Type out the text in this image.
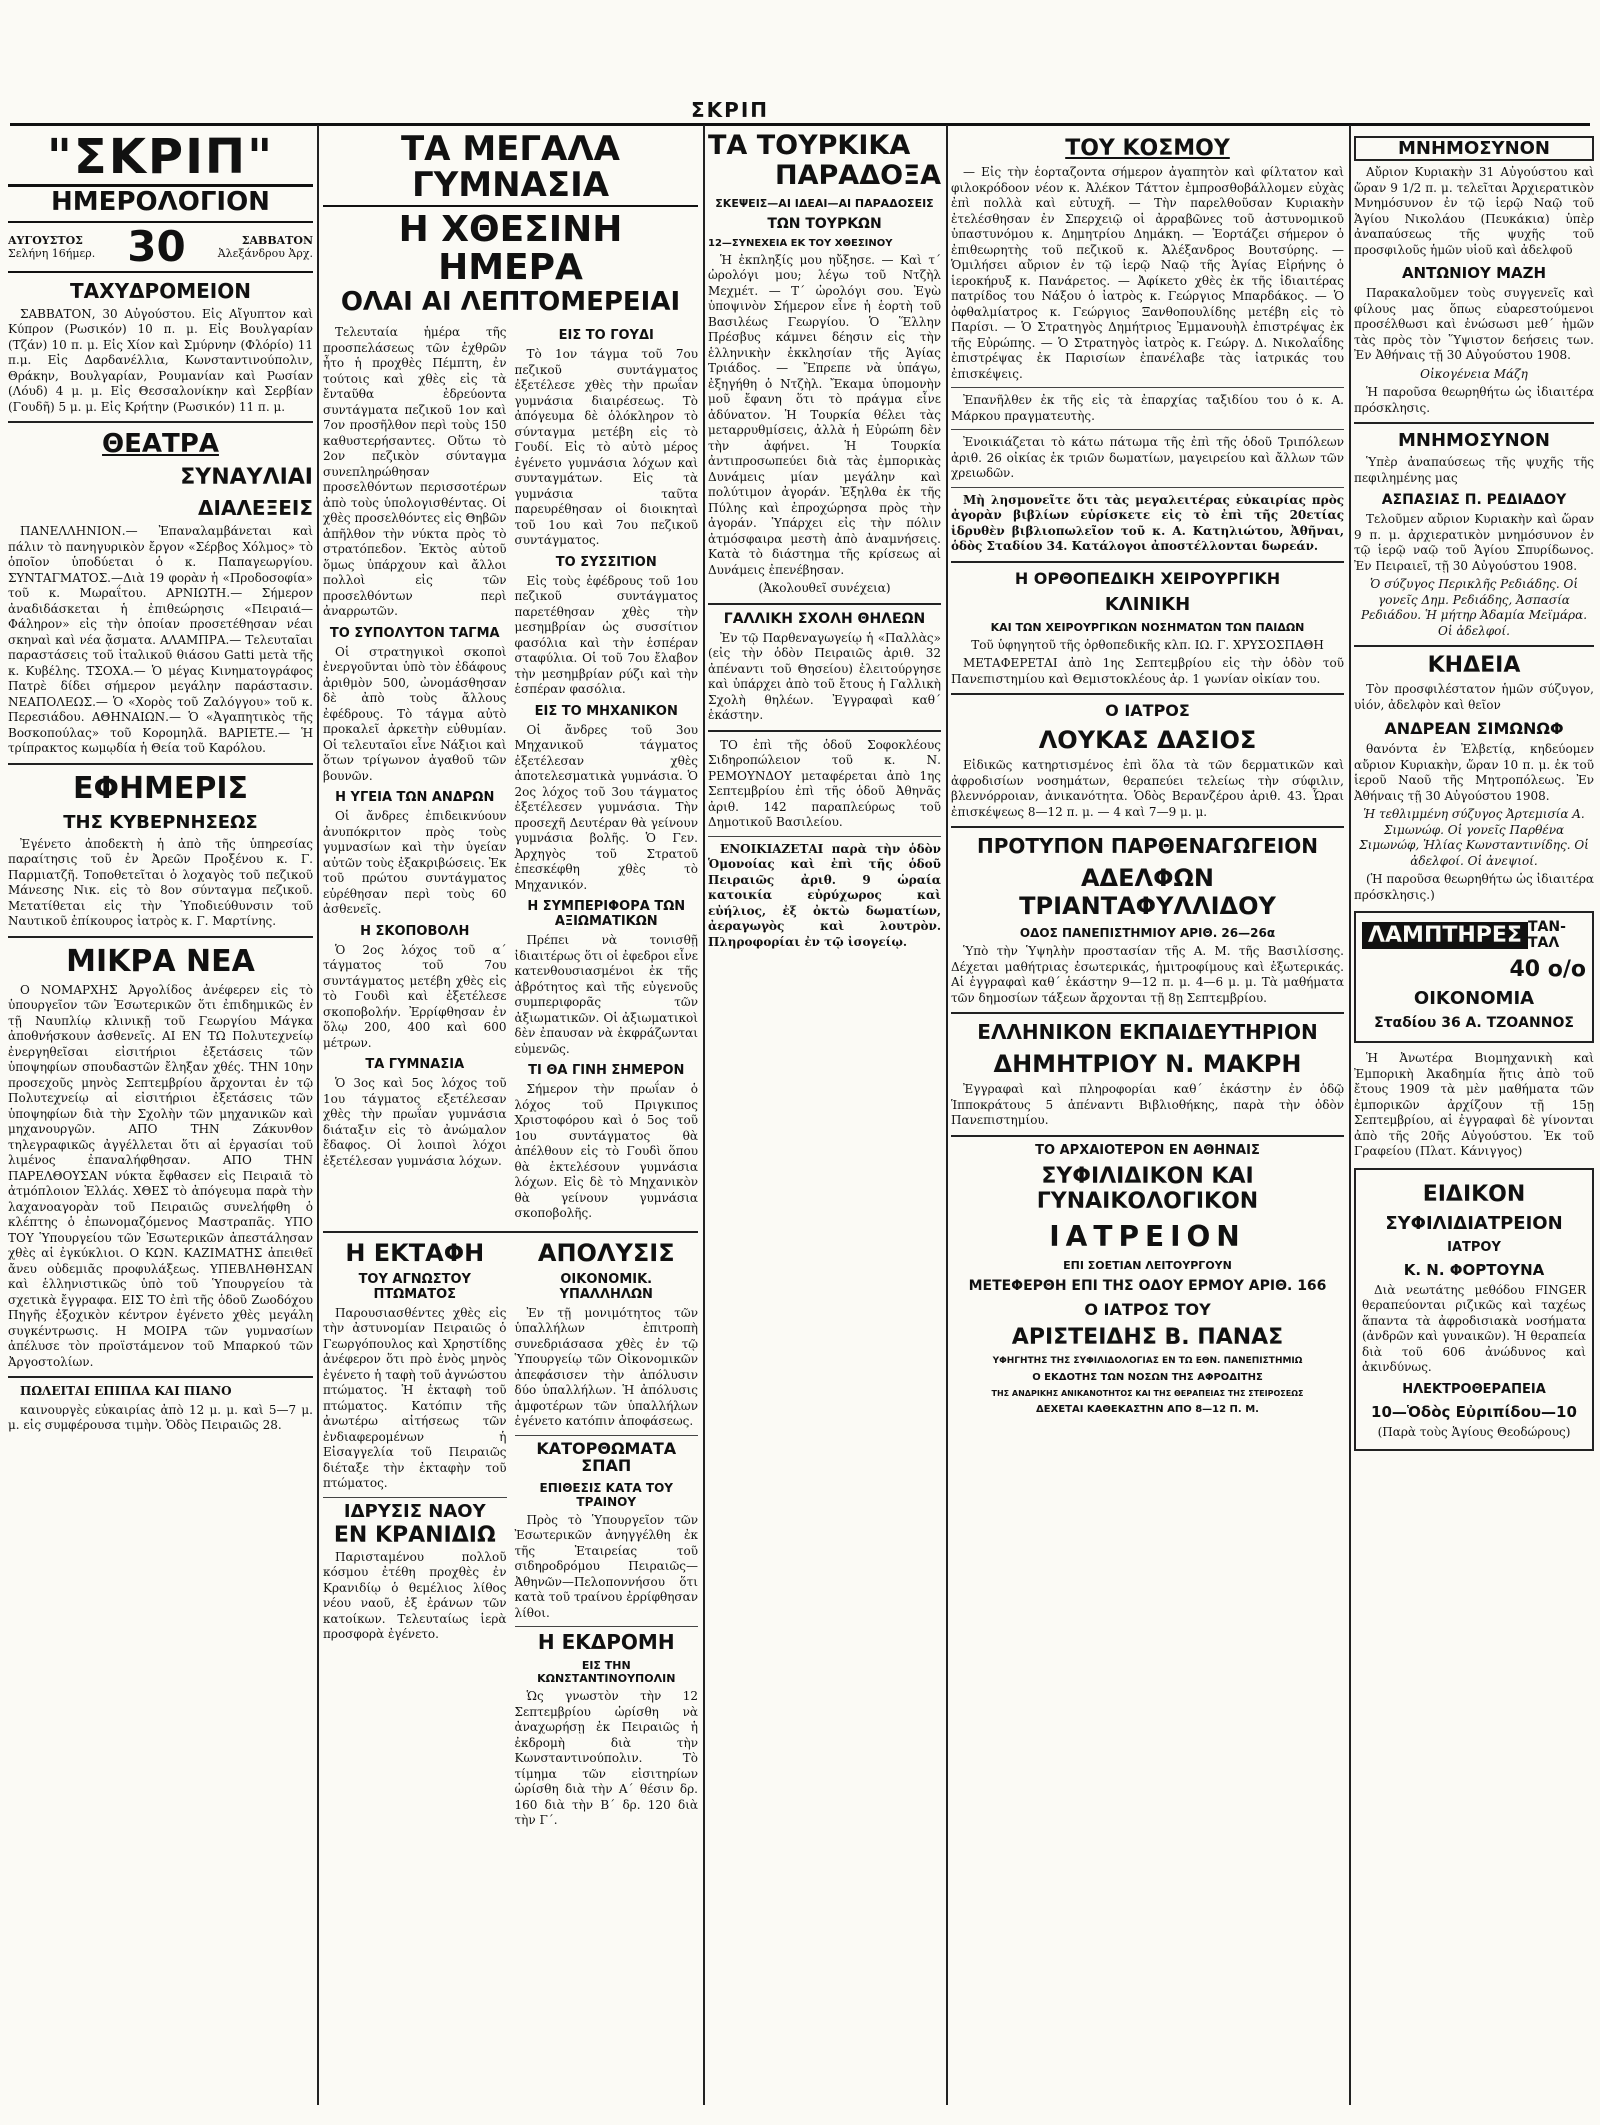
ΣΚΡΙΠ
"ΣΚΡΙΠ"
ΗΜΕΡΟΛΟΓΙΟΝ
ΑΥΓΟΥΣΤΟΣ
Σελήνη 16ήμερ. 30	ΣΑΒΒΑΤΟΝ
Ἀλεξάνδρου Ἀρχ.
ΤΑΧΥΔΡΟΜΕΙΟΝ

ΣΑΒΒΑΤΟΝ, 30 Αὐγούστου. Εἰς Αἴγυπτον καὶ Κύπρον (Ρωσικόν) 10 π. μ. Εἰς Βουλγαρίαν (Τζάν) 10 π. μ. Εἰς Χίον καὶ Σμύρνην (Φλόρίο) 11 π.μ. Εἰς Δαρδανέλλια, Κωνσταντινούπολιν, Θράκην, Βουλγαρίαν, Ρουμανίαν καὶ Ρωσίαν (Λόυδ) 4 μ. μ. Εἰς Θεσσαλονίκην καὶ Σερβίαν (Γουδῆ) 5 μ. μ. Εἰς Κρήτην (Ρωσικόν) 11 π. μ.

ΘΕΑΤΡΑ
ΣΥΝΑΥΛΙΑΙ
ΔΙΑΛΕΞΕΙΣ

ΠΑΝΕΛΛΗΝΙΟΝ.— Ἐπαναλαμβάνεται καὶ πάλιν τὸ πανηγυρικὸν ἔργον «Σέρβος Χόλμος» τὸ ὁποῖον ὑποδύεται ὁ κ. Παπαγεωργίου. ΣΥΝΤΑΓΜΑΤΟΣ.—Διὰ 19 φορὰν ἡ «Προδοσοφία» τοῦ κ. Μωραΐτου. ΑΡΝΙΩΤΗ.— Σήμερον ἀναδιδάσκεται ἡ ἐπιθεώρησις «Πειραιά—Φάληρον» εἰς τὴν ὁποίαν προσετέθησαν νέαι σκηναὶ καὶ νέα ᾄσματα. ΑΛΑΜΠΡΑ.— Τελευταῖαι παραστάσεις τοῦ ἰταλικοῦ θιάσου Gatti μετὰ τῆς κ. Κυβέλης. ΤΣΟΧΑ.— Ὁ μέγας Κινηματογράφος Πατρὲ δίδει σήμερον μεγάλην παράστασιν. ΝΕΑΠΟΛΕΩΣ.— Ὁ «Χορὸς τοῦ Ζαλόγγου» τοῦ κ. Περεσιάδου. ΑΘΗΝΑΙΩΝ.— Ὁ «Ἀγαπητικὸς τῆς Βοσκοπούλας» τοῦ Κορομηλᾶ. ΒΑΡΙΕΤΕ.— Ἡ τρίπρακτος κωμῳδία ἡ Θεία τοῦ Καρόλου.

ΕΦΗΜΕΡΙΣ
ΤΗΣ ΚΥΒΕΡΝΗΣΕΩΣ

Ἐγένετο ἀποδεκτὴ ἡ ἀπὸ τῆς ὑπηρεσίας παραίτησις τοῦ ἐν Ἀρεῶν Προξένου κ. Γ. Παρμιατζῆ. Τοποθετεῖται ὁ λοχαγὸς τοῦ πεζικοῦ Μάνεσης Νικ. εἰς τὸ 8ον σύνταγμα πεζικοῦ. Μετατίθεται εἰς τὴν Ὑποδιεύθυνσιν τοῦ Ναυτικοῦ ἐπίκουρος ἰατρὸς κ. Γ. Μαρτίνης.

ΜΙΚΡΑ ΝΕΑ

Ο ΝΟΜΑΡΧΗΣ Ἀργολίδος ἀνέφερεν εἰς τὸ ὑπουργεῖον τῶν Ἐσωτερικῶν ὅτι ἐπιδημικῶς ἐν τῇ Ναυπλίῳ κλινικῇ τοῦ Γεωργίου Μάγκα ἀποθνήσκουν ἀσθενεῖς. ΑΙ ΕΝ ΤΩ Πολυτεχνείῳ ἐνεργηθεῖσαι εἰσιτήριοι ἐξετάσεις τῶν ὑποψηφίων σπουδαστῶν ἔληξαν χθές. ΤΗΝ 10ην προσεχοῦς μηνὸς Σεπτεμβρίου ἄρχονται ἐν τῷ Πολυτεχνείῳ αἱ εἰσιτήριοι ἐξετάσεις τῶν ὑποψηφίων διὰ τὴν Σχολὴν τῶν μηχανικῶν καὶ μηχανουργῶν. ΑΠΟ ΤΗΝ Ζάκυνθον τηλεγραφικῶς ἀγγέλλεται ὅτι αἱ ἐργασίαι τοῦ λιμένος ἐπαναλήφθησαν. ΑΠΟ ΤΗΝ ΠΑΡΕΛΘΟΥΣΑΝ νύκτα ἔφθασεν εἰς Πειραιᾶ τὸ ἀτμόπλοιον Ἑλλάς. ΧΘΕΣ τὸ ἀπόγευμα παρὰ τὴν λαχανοαγορὰν τοῦ Πειραιῶς συνελήφθη ὁ κλέπτης ὁ ἐπωνομαζόμενος Μαστραπᾶς. ΥΠΟ ΤΟΥ Ὑπουργείου τῶν Ἐσωτερικῶν ἀπεστάλησαν χθὲς αἱ ἐγκύκλιοι. Ο ΚΩΝ. ΚΑΖΙΜΑΤΗΣ ἀπειθεῖ ἄνευ οὐδεμιᾶς προφυλάξεως. ΥΠΕΒΛΗΘΗΣΑΝ καὶ ἑλληνιστικῶς ὑπὸ τοῦ Ὑπουργείου τὰ σχετικὰ ἔγγραφα. ΕΙΣ ΤΟ ἐπὶ τῆς ὁδοῦ Ζωοδόχου Πηγῆς ἐξοχικὸν κέντρον ἐγένετο χθὲς μεγάλη συγκέντρωσις. Η ΜΟΙΡΑ τῶν γυμνασίων ἀπέλυσε τὸν προϊστάμενον τοῦ Μπαρκού τῶν Ἀργοστολίων.

ΠΩΛΕΙΤΑΙ ΕΠΙΠΛΑ ΚΑΙ ΠΙΑΝΟ

καινουργὲς εὐκαιρίας ἀπὸ 12 μ. μ. καὶ 5—7 μ. μ. εἰς συμφέρουσα τιμὴν. Ὁδὸς Πειραιῶς 28.

ΤΑ ΜΕΓΑΛΑ ΓΥΜΝΑΣΙΑ
Η ΧΘΕΣΙΝΗ ΗΜΕΡΑ
ΟΛΑΙ ΑΙ ΛΕΠΤΟΜΕΡΕΙΑΙ

Τελευταία ἡμέρα τῆς προσπελάσεως τῶν ἐχθρῶν ἦτο ἡ προχθὲς Πέμπτη, ἐν τούτοις καὶ χθὲς εἰς τὰ ἔνταῦθα ἐδρεύοντα συντάγματα πεζικοῦ 1ον καὶ 7ον προσῆλθον περὶ τοὺς 150 καθυστερήσαντες. Οὕτω τὸ 2ον πεζικὸν σύνταγμα συνεπληρώθησαν προσελθόντων περισσοτέρων ἀπὸ τοὺς ὑπολογισθέντας. Οἱ χθὲς προσελθόντες εἰς Θηβῶν ἀπῆλθον τὴν νύκτα πρὸς τὸ στρατόπεδον. Ἐκτὸς αὐτοῦ ὅμως ὑπάρχουν καὶ ἄλλοι πολλοὶ εἰς τῶν προσελθόντων περὶ ἀναρρωτῶν.

ΤΟ ΣΥΠΟΛΥΤΟΝ ΤΑΓΜΑ

Οἱ στρατηγικοὶ σκοποὶ ἐνεργοῦνται ὑπὸ τὸν ἐδάφους ἀριθμὸν 500, ὠνομάσθησαν δὲ ἀπὸ τοὺς ἄλλους ἐφέδρους. Τὸ τάγμα αὐτὸ προκαλεῖ ἀρκετὴν εὐθυμίαν. Οἱ τελευταῖοι εἶνε Νάξιοι καὶ ὅτων τρίγωνον ἀγαθοῦ τῶν βουνῶν.

Η ΥΓΕΙΑ ΤΩΝ ΑΝΔΡΩΝ

Οἱ ἄνδρες ἐπιδεικνύουν ἀνυπόκριτον πρὸς τοὺς γυμνασίων καὶ τὴν ὑγείαν αὐτῶν τοὺς ἐξακριβώσεις. Ἐκ τοῦ πρώτου συντάγματος εὑρέθησαν περὶ τοὺς 60 ἀσθενεῖς.

Η ΣΚΟΠΟΒΟΛΗ

Ὁ 2ος λόχος τοῦ α΄ τάγματος τοῦ 7ου συντάγματος μετέβη χθὲς εἰς τὸ Γουδὶ καὶ ἐξετέλεσε σκοποβολήν. Ἐρρίφθησαν ἐν ὅλῳ 200, 400 καὶ 600 μέτρων.

ΤΑ ΓΥΜΝΑΣΙΑ

Ὁ 3ος καὶ 5ος λόχος τοῦ 1ου τάγματος εξετέλεσαν χθὲς τὴν πρωΐαν γυμνάσια διάταξιν εἰς τὸ ἀνώμαλον ἔδαφος. Οἱ λοιποὶ λόχοι ἐξετέλεσαν γυμνάσια λόχων.

ΕΙΣ ΤΟ ΓΟΥΔΙ

Τὸ 1ον τάγμα τοῦ 7ου πεζικοῦ συντάγματος ἐξετέλεσε χθὲς τὴν πρωΐαν γυμνάσια διαιρέσεως. Τὸ ἀπόγευμα δὲ ὁλόκληρον τὸ σύνταγμα μετέβη εἰς τὸ Γουδί. Εἰς τὸ αὐτὸ μέρος ἐγένετο γυμνάσια λόχων καὶ συνταγμάτων. Εἰς τὰ γυμνάσια ταῦτα παρευρέθησαν οἱ διοικηταὶ τοῦ 1ου καὶ 7ου πεζικοῦ συντάγματος.

ΤΟ ΣΥΣΣΙΤΙΟΝ

Εἰς τοὺς ἐφέδρους τοῦ 1ου πεζικοῦ συντάγματος παρετέθησαν χθὲς τὴν μεσημβρίαν ὡς συσσίτιον φασόλια καὶ τὴν ἑσπέραν σταφύλια. Οἱ τοῦ 7ου ἔλαβον τὴν μεσημβρίαν ρύζι καὶ τὴν ἑσπέραν φασόλια.

ΕΙΣ ΤΟ ΜΗΧΑΝΙΚΟΝ

Οἱ ἄνδρες τοῦ 3ου Μηχανικοῦ τάγματος ἐξετέλεσαν χθὲς ἀποτελεσματικὰ γυμνάσια. Ὁ 2ος λόχος τοῦ 3ου τάγματος ἐξετέλεσεν γυμνάσια. Τὴν προσεχῆ Δευτέραν θὰ γείνουν γυμνάσια βολῆς. Ὁ Γεν. Ἀρχηγὸς τοῦ Στρατοῦ ἐπεσκέφθη χθὲς τὸ Μηχανικόν.

Η ΣΥΜΠΕΡΙΦΟΡΑ ΤΩΝ ΑΞΙΩΜΑΤΙΚΩΝ

Πρέπει νὰ τονισθῇ ἰδιαιτέρως ὅτι οἱ ἐφεδροι εἶνε κατενθουσιασμένοι ἐκ τῆς ἀβρότητος καὶ τῆς εὐγενοῦς συμπεριφορᾶς τῶν ἀξιωματικῶν. Οἱ ἀξιωματικοὶ δὲν ἐπαυσαν νὰ ἐκφράζωνται εὐμενῶς.

ΤΙ ΘΑ ΓΙΝΗ ΣΗΜΕΡΟΝ

Σήμερον τὴν πρωΐαν ὁ λόχος τοῦ Πριγκιπος Χριστοφόρου καὶ ὁ 5ος τοῦ 1ου συντάγματος θὰ ἀπέλθουν εἰς τὸ Γουδὶ ὅπου θὰ ἐκτελέσουν γυμνάσια λόχων. Εἰς δὲ τὸ Μηχανικὸν θὰ γείνουν γυμνάσια σκοποβολῆς.

Η ΕΚΤΑΦΗ
ΤΟΥ ΑΓΝΩΣΤΟΥ ΠΤΩΜΑΤΟΣ

Παρουσιασθέντες χθὲς εἰς τὴν ἀστυνομίαν Πειραιῶς ὁ Γεωργόπουλος καὶ Χρηστίδης ἀνέφερον ὅτι πρὸ ἑνὸς μηνὸς ἐγένετο ἡ ταφὴ τοῦ ἀγνώστου πτώματος. Ἡ ἐκταφὴ τοῦ πτώματος. Κατόπιν τῆς ἀνωτέρω αἰτήσεως τῶν ἐνδιαφερομένων ἡ Εἰσαγγελία τοῦ Πειραιῶς διέταξε τὴν ἐκταφὴν τοῦ πτώματος.

ΙΔΡΥΣΙΣ ΝΑΟΥ
ΕΝ ΚΡΑΝΙΔΙΩ

Παρισταμένου πολλοῦ κόσμου ἐτέθη προχθὲς ἐν Κρανιδίῳ ὁ θεμέλιος λίθος νέου ναοῦ, ἐξ ἐράνων τῶν κατοίκων. Τελευταίως ἱερὰ προσφορὰ ἐγένετο.

ΑΠΟΛΥΣΙΣ
ΟΙΚΟΝΟΜΙΚ. ΥΠΑΛΛΗΛΩΝ

Ἐν τῇ μονιμότητος τῶν ὑπαλλήλων ἐπιτροπὴ συνεδριάσασα χθὲς ἐν τῷ Ὑπουργείῳ τῶν Οἰκονομικῶν ἀπεφάσισεν τὴν ἀπόλυσιν δύο ὑπαλλήλων. Ἡ ἀπόλυσις ἀμφοτέρων τῶν ὑπαλλήλων ἐγένετο κατόπιν ἀποφάσεως.

ΚΑΤΟΡΘΩΜΑΤΑ ΣΠΑΠ
ΕΠΙΘΕΣΙΣ ΚΑΤΑ ΤΟΥ ΤΡΑΙΝΟΥ

Πρὸς τὸ Ὑπουργεῖον τῶν Ἐσωτερικῶν ἀνηγγέλθη ἐκ τῆς Ἑταιρείας τοῦ σιδηροδρόμου Πειραιῶς—Ἀθηνῶν—Πελοποννήσου ὅτι κατὰ τοῦ τραίνου ἐρρίφθησαν λίθοι.

Η ΕΚΔΡΟΜΗ
ΕΙΣ ΤΗΝ ΚΩΝΣΤΑΝΤΙΝΟΥΠΟΛΙΝ

Ὡς γνωστὸν τὴν 12 Σεπτεμβρίου ὡρίσθη νὰ ἀναχωρήσῃ ἐκ Πειραιῶς ἡ ἐκδρομὴ διὰ τὴν Κωνσταντινούπολιν. Τὸ τίμημα τῶν εἰσιτηρίων ὡρίσθη διὰ τὴν Α΄ θέσιν δρ. 160 διὰ τὴν Β΄ δρ. 120 διὰ τὴν Γ΄.

ΤΑ ΤΟΥΡΚΙΚΑ
ΠΑΡΑΔΟΞΑ
ΣΚΕΨΕΙΣ—ΑΙ ΙΔΕΑΙ—ΑΙ ΠΑΡΑΔΟΣΕΙΣ
ΤΩΝ ΤΟΥΡΚΩΝ
12—ΣΥΝΕΧΕΙΑ ΕΚ ΤΟΥ ΧΘΕΣΙΝΟΥ

Ἡ ἐκπληξίς μου ηὔξησε. — Καὶ τ΄ ὠρολόγι μου; λέγω τοῦ Ντζὴλ Μεχμέτ. — Τ΄ ὠρολόγι σου. Ἐγὼ ὑποψινὸν Σήμερον εἶνε ἡ ἑορτὴ τοῦ Βασιλέως Γεωργίου. Ὁ Ἕλλην Πρέσβυς κάμνει δέησιν εἰς τὴν ἑλληνικὴν ἐκκλησίαν τῆς Ἁγίας Τριάδος. — Ἔπρεπε νὰ ὑπάγω, ἐξηγήθη ὁ Ντζὴλ. Ἔκαμα ὑπομονὴν μοῦ ἔφανη ὅτι τὸ πράγμα εἶνε ἀδύνατον. Ἡ Τουρκία θέλει τὰς μεταρρυθμίσεις, ἀλλὰ ἡ Εὐρώπη δὲν τὴν ἀφήνει. Ἡ Τουρκία ἀντιπροσωπεύει διὰ τὰς ἐμπορικὰς Δυνάμεις μίαν μεγάλην καὶ πολύτιμον ἀγοράν. Ἐξηλθα ἐκ τῆς Πύλης καὶ ἐπροχώρησα πρὸς τὴν ἀγοράν. Ὑπάρχει εἰς τὴν πόλιν ἀτμόσφαιρα μεστὴ ἀπὸ ἀναμνήσεις. Κατὰ τὸ διάστημα τῆς κρίσεως αἱ Δυνάμεις ἐπενέβησαν.

(Ἀκολουθεῖ συνέχεια)

ΓΑΛΛΙΚΗ ΣΧΟΛΗ ΘΗΛΕΩΝ

Ἐν τῷ Παρθεναγωγείῳ ἡ «Παλλὰς» (εἰς τὴν ὁδὸν Πειραιῶς ἀριθ. 32 ἀπέναντι τοῦ Θησείου) ἐλειτούργησε καὶ ὑπάρχει ἀπὸ τοῦ ἔτους ἡ Γαλλικὴ Σχολὴ θηλέων. Ἐγγραφαὶ καθ΄ ἑκάστην.

ΤΟ ἐπὶ τῆς ὁδοῦ Σοφοκλέους Σιδηροπώλειον τοῦ κ. Ν. ΡΕΜΟΥΝΔΟΥ μεταφέρεται ἀπὸ 1ης Σεπτεμβρίου ἐπὶ τῆς ὁδοῦ Ἀθηνᾶς ἀριθ. 142 παραπλεύρως τοῦ Δημοτικοῦ Βασιλείου.

ΕΝΟΙΚΙΑΖΕΤΑΙ παρὰ τὴν ὁδὸν Ὁμονοίας καὶ ἐπὶ τῆς ὁδοῦ Πειραιῶς ἀριθ. 9 ὡραία κατοικία εὐρύχωρος καὶ εὐήλιος, ἐξ ὀκτὼ δωματίων, ἀεραγωγὸς καὶ λουτρὸν. Πληροφορίαι ἐν τῷ ἰσογείῳ.

ΤΟΥ ΚΟΣΜΟΥ

— Εἰς τὴν ἑορταζοντα σήμερον ἀγαπητὸν καὶ φίλτατον καὶ φιλοκρόδοον νέον κ. Ἀλέκον Τάττον ἐμπροσθοβάλλομεν εὐχὰς ἐπὶ πολλὰ καὶ εὐτυχῆ. — Τὴν παρελθοῦσαν Κυριακὴν ἐτελέσθησαν ἐν Σπερχειῷ οἱ ἀρραβῶνες τοῦ ἀστυνομικοῦ ὑπαστυνόμου κ. Δημητρίου Δημάκη. — Ἑορτάζει σήμερον ὁ ἐπιθεωρητὴς τοῦ πεζικοῦ κ. Ἀλέξανδρος Βουτσύρης. — Ὁμιλήσει αὔριον ἐν τῷ ἱερῷ Ναῷ τῆς Ἁγίας Εἰρήνης ὁ ἱεροκήρυξ κ. Πανάρετος. — Ἀφίκετο χθὲς ἐκ τῆς ἰδιαιτέρας πατρίδος του Νάξου ὁ ἰατρὸς κ. Γεώργιος Μπαρδάκος. — Ὁ ὀφθαλμίατρος κ. Γεώργιος Ξανθοπουλίδης μετέβη εἰς τὸ Παρίσι. — Ὁ Στρατηγὸς Δημήτριος Ἐμμανουὴλ ἐπιστρέψας ἐκ τῆς Εὐρώπης. — Ὁ Στρατηγὸς ἰατρὸς κ. Γεώργ. Δ. Νικολαΐδης ἐπιστρέψας ἐκ Παρισίων ἐπανέλαβε τὰς ἰατρικάς του ἐπισκέψεις.

Ἐπανῆλθεν ἐκ τῆς εἰς τὰ ἐπαρχίας ταξιδίου του ὁ κ. Α. Μάρκου πραγματευτὴς.

Ἐνοικιάζεται τὸ κάτω πάτωμα τῆς ἐπὶ τῆς ὁδοῦ Τριπόλεων ἀριθ. 26 οἰκίας ἐκ τριῶν δωματίων, μαγειρείου καὶ ἄλλων τῶν χρειωδῶν.

Μὴ λησμονεῖτε ὅτι τὰς μεγαλειτέρας εὐκαιρίας πρὸς ἀγορὰν βιβλίων εὑρίσκετε εἰς τὸ ἐπὶ τῆς 20ετίας ἱδρυθὲν βιβλιοπωλεῖον τοῦ κ. Α. Κατηλιώτου, Ἀθῆναι, ὁδὸς Σταδίου 34. Κατάλογοι ἀποστέλλονται δωρεάν.

Η ΟΡΘΟΠΕΔΙΚΗ ΧΕΙΡΟΥΡΓΙΚΗ
ΚΛΙΝΙΚΗ
ΚΑΙ ΤΩΝ ΧΕΙΡΟΥΡΓΙΚΩΝ ΝΟΣΗΜΑΤΩΝ ΤΩΝ ΠΑΙΔΩΝ

Τοῦ ὑφηγητοῦ τῆς ὀρθοπεδικῆς κλπ. ΙΩ. Γ. ΧΡΥΣΟΣΠΑΘΗ

ΜΕΤΑΦΕΡΕΤΑΙ ἀπὸ 1ης Σεπτεμβρίου εἰς τὴν ὁδὸν τοῦ Πανεπιστημίου καὶ Θεμιστοκλέους ἀρ. 1 γωνίαν οἰκίαν του.

Ο ΙΑΤΡΟΣ
ΛΟΥΚΑΣ ΔΑΣΙΟΣ

Εἰδικῶς κατηρτισμένος ἐπὶ ὅλα τὰ τῶν δερματικῶν καὶ ἀφροδισίων νοσημάτων, θεραπεύει τελείως τὴν σύφιλιν, βλεννόρροιαν, ἀνικανότητα. Ὁδὸς Βερανζέρου ἀριθ. 43. Ὧραι ἐπισκέψεως 8—12 π. μ. — 4 καὶ 7—9 μ. μ.

ΠΡΟΤΥΠΟΝ ΠΑΡΘΕΝΑΓΩΓΕΙΟΝ
ΑΔΕΛΦΩΝ ΤΡΙΑΝΤΑΦΥΛΛΙΔΟΥ
ΟΔΟΣ ΠΑΝΕΠΙΣΤΗΜΙΟΥ ΑΡΙΘ. 26—26α

Ὑπὸ τὴν Ὑψηλὴν προστασίαν τῆς Α. Μ. τῆς Βασιλίσσης. Δέχεται μαθήτριας ἐσωτερικάς, ἡμιτροφίμους καὶ ἐξωτερικάς. Αἱ ἐγγραφαὶ καθ΄ ἑκάστην 9—12 π. μ. 4—6 μ. μ. Τὰ μαθήματα τῶν δημοσίων τάξεων ἄρχονται τῇ 8ῃ Σεπτεμβρίου.

ΕΛΛΗΝΙΚΟΝ ΕΚΠΑΙΔΕΥΤΗΡΙΟΝ
ΔΗΜΗΤΡΙΟΥ Ν. ΜΑΚΡΗ

Ἐγγραφαὶ καὶ πληροφορίαι καθ΄ ἑκάστην ἐν ὁδῷ Ἱπποκράτους 5 ἀπέναντι Βιβλιοθήκης, παρὰ τὴν ὁδὸν Πανεπιστημίου.

ΤΟ ΑΡΧΑΙΟΤΕΡΟΝ ΕΝ ΑΘΗΝΑΙΣ
ΣΥΦΙΛΙΔΙΚΟΝ ΚΑΙ ΓΥΝΑΙΚΟΛΟΓΙΚΟΝ
ΙΑΤΡΕΙΟΝ
ΕΠΙ ΣΟΕΤΙΑΝ ΛΕΙΤΟΥΡΓΟΥΝ
ΜΕΤΕΦΕΡΘΗ ΕΠΙ ΤΗΣ ΟΔΟΥ ΕΡΜΟΥ ΑΡΙΘ. 166
Ο ΙΑΤΡΟΣ ΤΟΥ
ΑΡΙΣΤΕΙΔΗΣ Β. ΠΑΝΑΣ
ΥΦΗΓΗΤΗΣ ΤΗΣ ΣΥΦΙΛΙΔΟΛΟΓΙΑΣ ΕΝ ΤΩ ΕΘΝ. ΠΑΝΕΠΙΣΤΗΜΙΩ
Ο ΕΚΔΟΤΗΣ ΤΩΝ ΝΟΣΩΝ ΤΗΣ ΑΦΡΟΔΙΤΗΣ
ΤΗΣ ΑΝΔΡΙΚΗΣ ΑΝΙΚΑΝΟΤΗΤΟΣ ΚΑΙ ΤΗΣ ΘΕΡΑΠΕΙΑΣ ΤΗΣ ΣΤΕΙΡΟΣΕΩΣ
ΔΕΧΕΤΑΙ ΚΑΘΕΚΑΣΤΗΝ ΑΠΟ 8—12 Π. Μ.
ΜΝΗΜΟΣΥΝΟΝ

Αὔριον Κυριακὴν 31 Αὐγούστου καὶ ὥραν 9 1/2 π. μ. τελεῖται Ἀρχιερατικὸν Μνημόσυνον ἐν τῷ ἱερῷ Ναῷ τοῦ Ἁγίου Νικολάου (Πευκάκια) ὑπὲρ ἀναπαύσεως τῆς ψυχῆς τοῦ προσφιλοῦς ἡμῶν υἱοῦ καὶ ἀδελφοῦ

ΑΝΤΩΝΙΟΥ ΜΑΖΗ

Παρακαλοῦμεν τοὺς συγγενεῖς καὶ φίλους μας ὅπως εὐαρεστούμενοι προσέλθωσι καὶ ἐνώσωσι μεθ΄ ἡμῶν τὰς πρὸς τὸν Ὕψιστον δεήσεις των. Ἐν Ἀθήναις τῇ 30 Αὐγούστου 1908.

Οἰκογένεια Μάζη

Ἡ παροῦσα θεωρηθήτω ὡς ἰδιαιτέρα πρόσκλησις.

ΜΝΗΜΟΣΥΝΟΝ

Ὑπὲρ ἀναπαύσεως τῆς ψυχῆς τῆς πεφιλημένης μας

ΑΣΠΑΣΙΑΣ Π. ΡΕΔΙΑΔΟΥ

Τελοῦμεν αὔριον Κυριακὴν καὶ ὥραν 9 π. μ. ἀρχιερατικὸν μνημόσυνον ἐν τῷ ἱερῷ ναῷ τοῦ Ἁγίου Σπυρίδωνος. Ἐν Πειραιεῖ, τῇ 30 Αὐγούστου 1908.

Ὁ σύζυγος Περικλῆς Ρεδιάδης. Οἱ γονεῖς Δημ. Ρεδιάδης, Ἀσπασία Ρεδιάδου. Ἡ μήτηρ Ἀδαμία Μεϊμάρα. Οἱ ἀδελφοί.

ΚΗΔΕΙΑ

Τὸν προσφιλέστατον ἡμῶν σύζυγον, υἱόν, ἀδελφὸν καὶ θεῖον

ΑΝΔΡΕΑΝ ΣΙΜΩΝΩΦ

θανόντα ἐν Ἐλβετίᾳ, κηδεύομεν αὔριον Κυριακὴν, ὥραν 10 π. μ. ἐκ τοῦ ἱεροῦ Ναοῦ τῆς Μητροπόλεως. Ἐν Ἀθήναις τῇ 30 Αὐγούστου 1908.

Ἡ τεθλιμμένη σύζυγος Ἀρτεμισία Α. Σιμωνώφ. Οἱ γονεῖς Παρθένα Σιμωνώφ, Ἠλίας Κωνσταντινίδης. Οἱ ἀδελφοί. Οἱ ἀνεψιοί.

(Ἡ παροῦσα θεωρηθήτω ὡς ἰδιαιτέρα πρόσκλησις.)

ΛΑΜΠΤΗΡΕΣ ΤΑΝ-ΤΑΛ
40 ο/ο
ΟΙΚΟΝΟΜΙΑ
Σταδίου 36 Α. ΤΖΟΑΝΝΟΣ

Ἡ Ἀνωτέρα Βιομηχανικὴ καὶ Ἐμπορικὴ Ἀκαδημία ἥτις ἀπὸ τοῦ ἔτους 1909 τὰ μὲν μαθήματα τῶν ἐμπορικῶν ἀρχίζουν τῇ 15ῃ Σεπτεμβρίου, αἱ ἐγγραφαὶ δὲ γίνονται ἀπὸ τῆς 20ῆς Αὐγούστου. Ἐκ τοῦ Γραφείου (Πλατ. Κάνιγγος)

ΕΙΔΙΚΟΝ
ΣΥΦΙΛΙΔΙΑΤΡΕΙΟΝ
ΙΑΤΡΟΥ
Κ. Ν. ΦΟΡΤΟΥΝΑ

Διὰ νεωτάτης μεθόδου FINGER θεραπεύονται ριζικῶς καὶ ταχέως ἅπαντα τὰ ἀφροδισιακὰ νοσήματα (ἀνδρῶν καὶ γυναικῶν). Ἡ θεραπεία διὰ τοῦ 606 ἀνώδυνος καὶ ἀκινδύνως.

ΗΛΕΚΤΡΟΘΕΡΑΠΕΙΑ
10—Ὁδὸς Εὐριπίδου—10

(Παρὰ τοὺς Ἁγίους Θεοδώρους)
